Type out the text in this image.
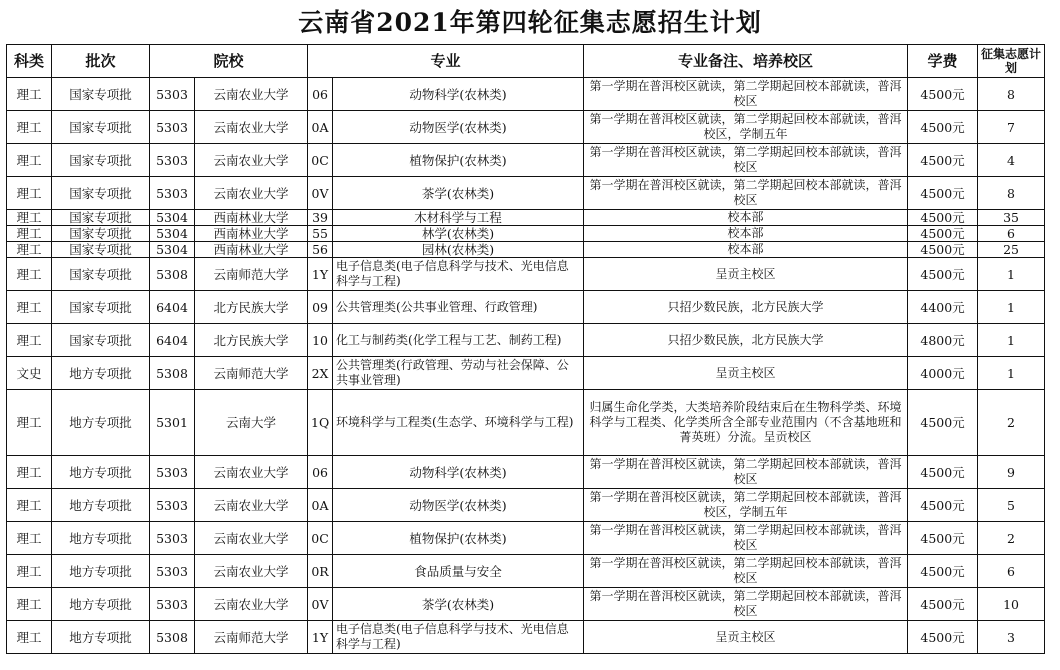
云南省2021年第四轮征集志愿招生计划
科类	批次	院校		专业		专业备注、培养校区	学费	征集志愿计划
理工	国家专项批	5303	云南农业大学	06	动物科学(农林类)	第一学期在普洱校区就读，第二学期起回校本部就读，普洱校区	4500元	8
理工	国家专项批	5303	云南农业大学	0A	动物医学(农林类)	第一学期在普洱校区就读，第二学期起回校本部就读，普洱校区，学制五年	4500元	7
理工	国家专项批	5303	云南农业大学	0C	植物保护(农林类)	第一学期在普洱校区就读，第二学期起回校本部就读，普洱校区	4500元	4
理工	国家专项批	5303	云南农业大学	0V	茶学(农林类)	第一学期在普洱校区就读，第二学期起回校本部就读，普洱校区	4500元	8
理工	国家专项批	5304	西南林业大学	39	木材科学与工程	校本部	4500元	35
理工	国家专项批	5304	西南林业大学	55	林学(农林类)	校本部	4500元	6
理工	国家专项批	5304	西南林业大学	56	园林(农林类)	校本部	4500元	25
理工	国家专项批	5308	云南师范大学	1Y	电子信息类(电子信息科学与技术、光电信息科学与工程)	呈贡主校区	4500元	1
理工	国家专项批	6404	北方民族大学	09	公共管理类(公共事业管理、行政管理)	只招少数民族，北方民族大学	4400元	1
理工	国家专项批	6404	北方民族大学	10	化工与制药类(化学工程与工艺、制药工程)	只招少数民族，北方民族大学	4800元	1
文史	地方专项批	5308	云南师范大学	2X	公共管理类(行政管理、劳动与社会保障、公共事业管理)	呈贡主校区	4000元	1
理工	地方专项批	5301	云南大学	1Q	环境科学与工程类(生态学、环境科学与工程)	归属生命化学类，大类培养阶段结束后在生物科学类、环境科学与工程类、化学类所含全部专业范围内（不含基地班和菁英班）分流。呈贡校区	4500元	2
理工	地方专项批	5303	云南农业大学	06	动物科学(农林类)	第一学期在普洱校区就读，第二学期起回校本部就读，普洱校区	4500元	9
理工	地方专项批	5303	云南农业大学	0A	动物医学(农林类)	第一学期在普洱校区就读，第二学期起回校本部就读，普洱校区，学制五年	4500元	5
理工	地方专项批	5303	云南农业大学	0C	植物保护(农林类)	第一学期在普洱校区就读，第二学期起回校本部就读，普洱校区	4500元	2
理工	地方专项批	5303	云南农业大学	0R	食品质量与安全	第一学期在普洱校区就读，第二学期起回校本部就读，普洱校区	4500元	6
理工	地方专项批	5303	云南农业大学	0V	茶学(农林类)	第一学期在普洱校区就读，第二学期起回校本部就读，普洱校区	4500元	10
理工	地方专项批	5308	云南师范大学	1Y	电子信息类(电子信息科学与技术、光电信息科学与工程)	呈贡主校区	4500元	3
